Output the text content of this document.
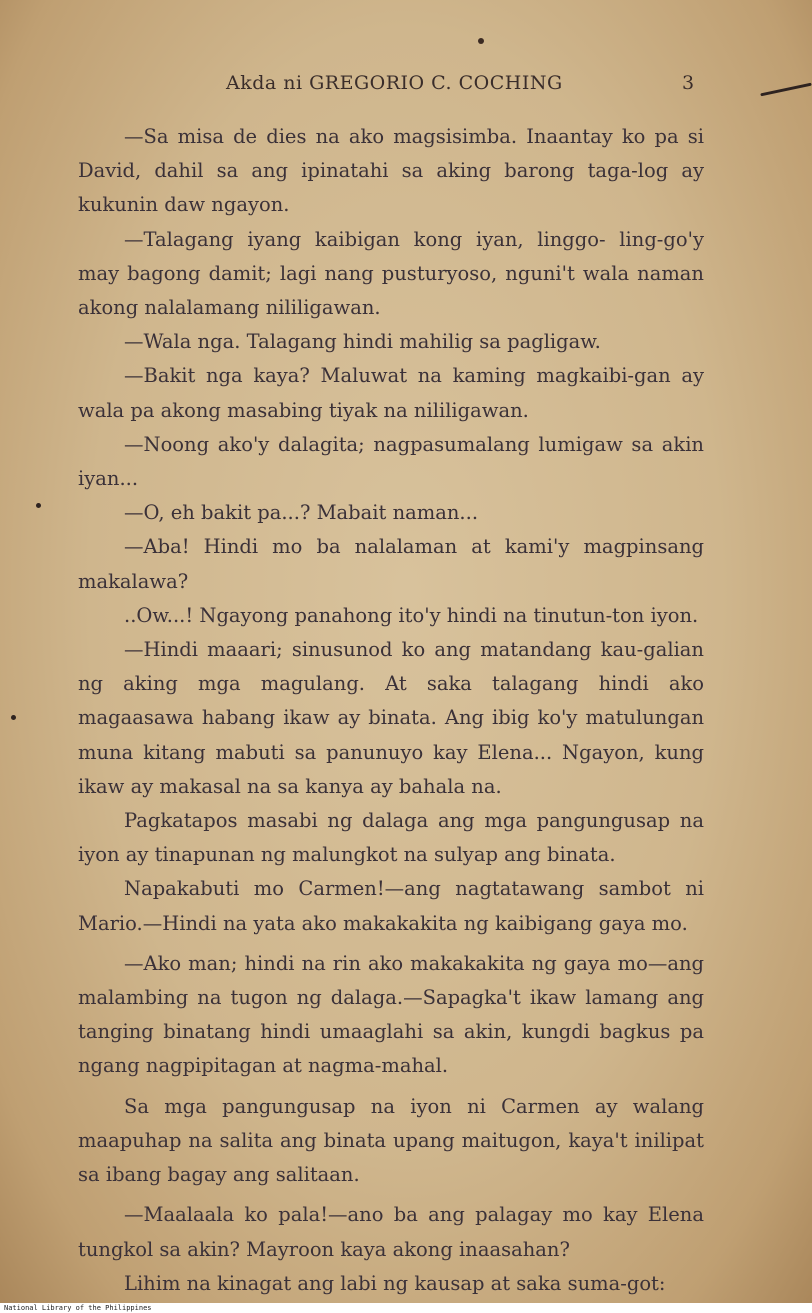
Akda ni GREGORIO C. COCHING	3

—Sa misa de dies na ako magsisimba. Inaantay ko pa si David, dahil sa ang ipinatahi sa aking barong taga-log ay kukunin daw ngayon.

—Talagang iyang kaibigan kong iyan, linggo- ling-go'y may bagong damit; lagi nang pusturyoso, nguni't wala naman akong nalalamang nililigawan.

—Wala nga. Talagang hindi mahilig sa pagligaw.

—Bakit nga kaya? Maluwat na kaming magkaibi-gan ay wala pa akong masabing tiyak na nililigawan.

—Noong ako'y dalagita; nagpasumalang lumigaw sa akin iyan...

—O, eh bakit pa...? Mabait naman...

—Aba! Hindi mo ba nalalaman at kami'y magpinsang makalawa?

..Ow...! Ngayong panahong ito'y hindi na tinutun-ton iyon.

—Hindi maaari; sinusunod ko ang matandang kau-galian ng aking mga magulang. At saka talagang hindi ako magaasawa habang ikaw ay binata. Ang ibig ko'y matulungan muna kitang mabuti sa panunuyo kay Elena... Ngayon, kung ikaw ay makasal na sa kanya ay bahala na.

Pagkatapos masabi ng dalaga ang mga pangungusap na iyon ay tinapunan ng malungkot na sulyap ang binata.

Napakabuti mo Carmen!—ang nagtatawang sambot ni Mario.—Hindi na yata ako makakakita ng kaibigang gaya mo.

—Ako man; hindi na rin ako makakakita ng gaya mo—ang malambing na tugon ng dalaga.—Sapagka't ikaw lamang ang tanging binatang hindi umaaglahi sa akin, kungdi bagkus pa ngang nagpipitagan at nagma-mahal.

Sa mga pangungusap na iyon ni Carmen ay walang maapuhap na salita ang binata upang maitugon, kaya't inilipat sa ibang bagay ang salitaan.

—Maalaala ko pala!—ano ba ang palagay mo kay Elena tungkol sa akin? Mayroon kaya akong inaasahan?

Lihim na kinagat ang labi ng kausap at saka suma-got:

National Library of the Philippines
